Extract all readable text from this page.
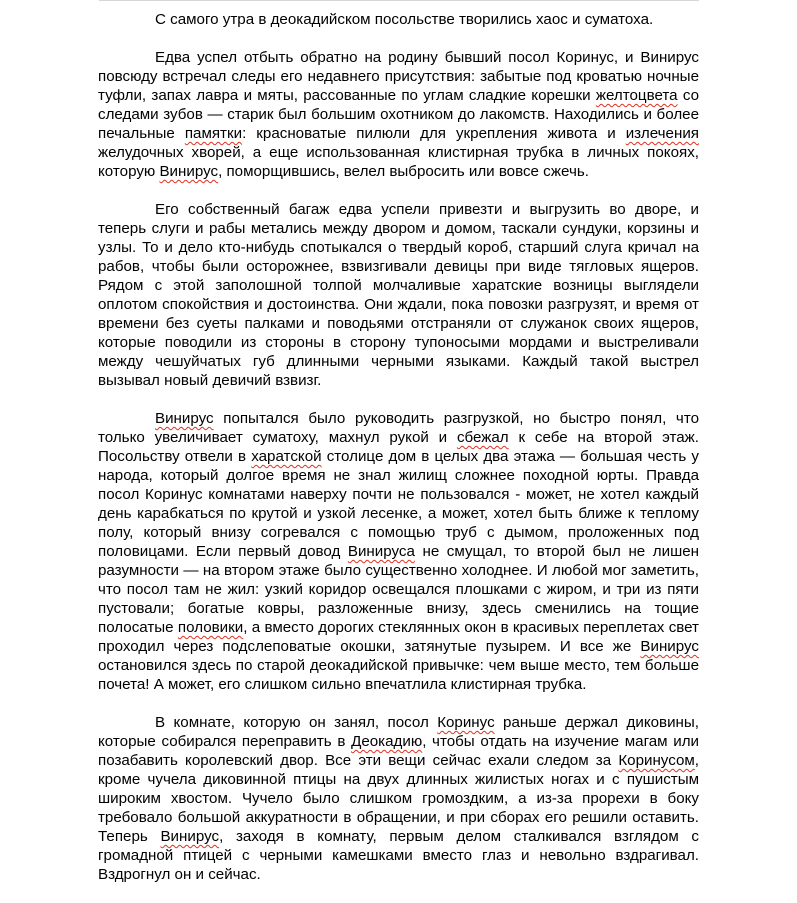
С самого утра в деокадийском посольстве творились хаос и суматоха.

Едва успел отбыть обратно на родину бывший посол Коринус, и Винирус повсюду встречал следы его недавнего присутствия: забытые под кроватью ночные туфли, запах лавра и мяты, рассованные по углам сладкие корешки желтоцвета со следами зубов — старик был большим охотником до лакомств. Находились и более печальные памятки: красноватые пилюли для укрепления живота и излечения желудочных хворей, а еще использованная клистирная трубка в личных покоях, которую Винирус, поморщившись, велел выбросить или вовсе сжечь.

Его собственный багаж едва успели привезти и выгрузить во дворе, и теперь слуги и рабы метались между двором и домом, таскали сундуки, корзины и узлы. То и дело кто-нибудь спотыкался о твердый короб, старший слуга кричал на рабов, чтобы были осторожнее, взвизгивали девицы при виде тягловых ящеров. Рядом с этой заполошной толпой молчаливые харатские возницы выглядели оплотом спокойствия и достоинства. Они ждали, пока повозки разгрузят, и время от времени без суеты палками и поводьями отстраняли от служанок своих ящеров, которые поводили из стороны в сторону тупоносыми мордами и выстреливали между чешуйчатых губ длинными черными языками. Каждый такой выстрел вызывал новый девичий взвизг.

Винирус попытался было руководить разгрузкой, но быстро понял, что только увеличивает суматоху, махнул рукой и сбежал к себе на второй этаж. Посольству отвели в харатской столице дом в целых два этажа — большая честь у народа, который долгое время не знал жилищ сложнее походной юрты. Правда посол Коринус комнатами наверху почти не пользовался - может, не хотел каждый день карабкаться по крутой и узкой лесенке, а может, хотел быть ближе к теплому полу, который внизу согревался с помощью труб с дымом, проложенных под половицами. Если первый довод Винируса не смущал, то второй был не лишен разумности — на втором этаже было существенно холоднее. И любой мог заметить, что посол там не жил: узкий коридор освещался плошками с жиром, и три из пяти пустовали; богатые ковры, разложенные внизу, здесь сменились на тощие полосатые половики, а вместо дорогих стеклянных окон в красивых переплетах свет проходил через подслеповатые окошки, затянутые пузырем. И все же Винирус остановился здесь по старой деокадийской привычке: чем выше место, тем больше почета! А может, его слишком сильно впечатлила клистирная трубка.

В комнате, которую он занял, посол Коринус раньше держал диковины, которые собирался переправить в Деокадию, чтобы отдать на изучение магам или позабавить королевский двор. Все эти вещи сейчас ехали следом за Коринусом, кроме чучела диковинной птицы на двух длинных жилистых ногах и с пушистым широким хвостом. Чучело было слишком громоздким, а из-за прорехи в боку требовало большой аккуратности в обращении, и при сборах его решили оставить. Теперь Винирус, заходя в комнату, первым делом сталкивался взглядом с громадной птицей с черными камешками вместо глаз и невольно вздрагивал. Вздрогнул он и сейчас.
